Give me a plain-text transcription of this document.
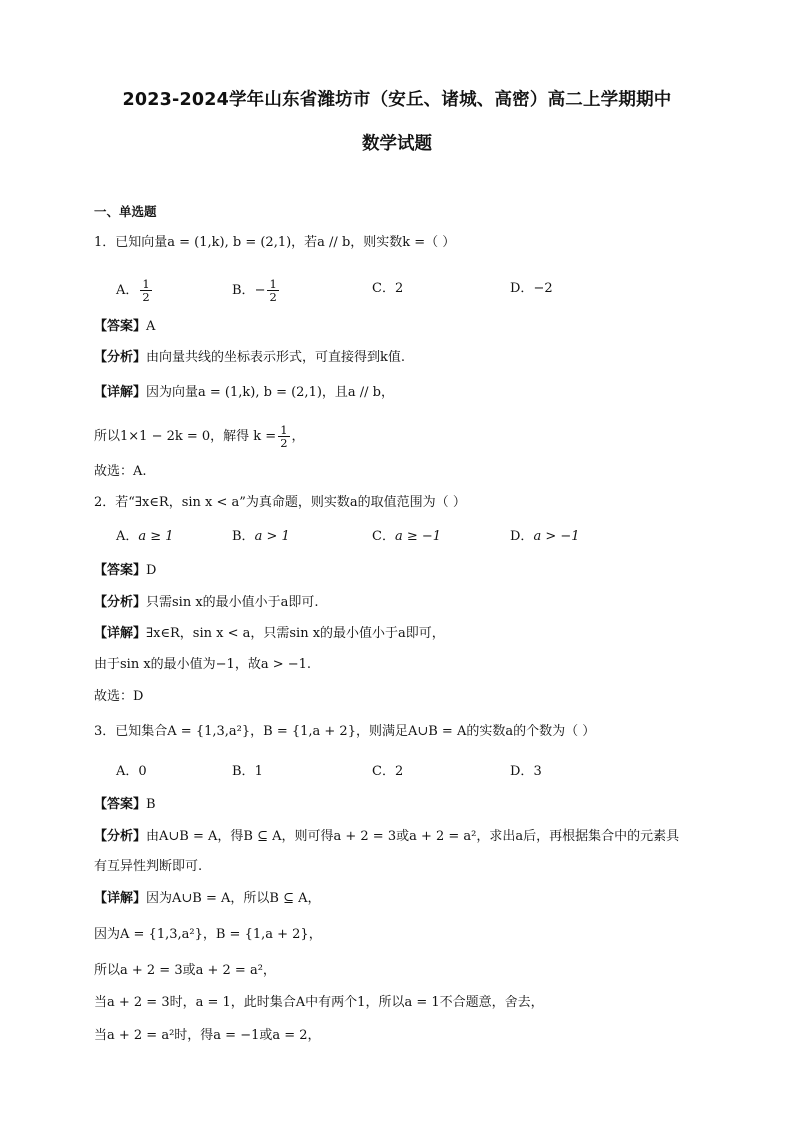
2023-2024学年山东省潍坊市（安丘、诸城、高密）高二上学期期中
数学试题
一、单选题
1．已知向量a = (1,k), b = (2,1)，若a // b，则实数k =（ ）
A． $\frac{1}{2}$	B．− $\frac{1}{2}$	C．2	D．−2
【答案】A
【分析】由向量共线的坐标表示形式，可直接得到k值.
【详解】因为向量a = (1,k), b = (2,1)，且a // b，
所以1×1 − 2k = 0，解得 $k = \frac{1}{2}$ ，
故选：A.
2．若“∃x∈R，sin x < a”为真命题，则实数a的取值范围为（ ）
A．a ≥ 1	B．a > 1	C．a ≥ −1	D．a > −1
【答案】D
【分析】只需sin x的最小值小于a即可.
【详解】∃x∈R，sin x < a，只需sin x的最小值小于a即可，
由于sin x的最小值为−1，故a > −1.
故选：D
3．已知集合A = {1,3,a²}，B = {1,a + 2}，则满足A∪B = A的实数a的个数为（ ）
A．0	B．1	C．2	D．3
【答案】B
【分析】由A∪B = A，得B ⊆ A，则可得a + 2 = 3或a + 2 = a²，求出a后，再根据集合中的元素具
有互异性判断即可.
【详解】因为A∪B = A，所以B ⊆ A，
因为A = {1,3,a²}，B = {1,a + 2}，
所以a + 2 = 3或a + 2 = a²，
当a + 2 = 3时，a = 1，此时集合A中有两个1，所以a = 1不合题意，舍去，
当a + 2 = a²时，得a = −1或a = 2，
